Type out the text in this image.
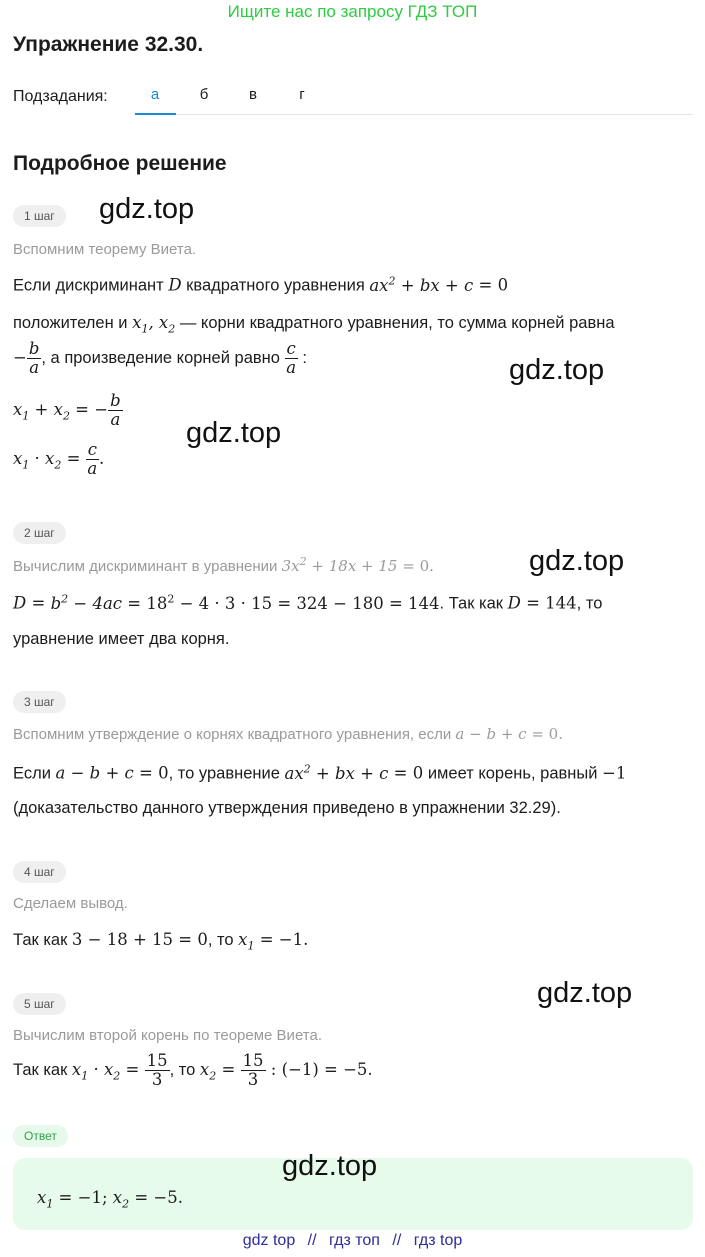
Ищите нас по запросу ГДЗ ТОП
Упражнение 32.30.
Подзадания:	а	б	в	г
Подробное решение
1 шаг	gdz.top
Вспомним теорему Виета.
Если дискриминант D квадратного уравнения $ax^2$ + bx + c = 0
положителен и $x_1$, $x_2$ — корни квадратного уравнения, то сумма корней равна
− $\frac{b}{a}$ , а произведение корней равно $\frac{c}{a}$ :	gdz.top
$x_1 + x_2$ = − $\frac{b}{a}$
gdz.top
$x_1 \cdot x_2 = \frac{c}{a}$ .
2 шаг
Вычислим дискриминант в уравнении $3x^2 + 18x + 15 = 0$.	gdz.top
$D = b^2 - 4ac = 18^2 - 4 \cdot 3 \cdot 15 = 324 - 180 = 144$. Так как D = 144, то
уравнение имеет два корня.
3 шаг
Вспомним утверждение о корнях квадратного уравнения, если a − b + c = 0.
Если a − b + c = 0, то уравнение $ax^2$ + bx + c = 0 имеет корень, равный −1
(доказательство данного утверждения приведено в упражнении 32.29).
4 шаг
Сделаем вывод.
Так как 3 − 18 + 15 = 0, то $x_1 = -1$.
5 шаг	gdz.top
Вычислим второй корень по теореме Виета.
Так как $x_1 \cdot x_2 = \frac{15}{3}$ , то $x_2 = \frac{15}{3}$ : (−1) = −5.
Ответ
gdz.top
$x_1 = -1$; $x_2 = -5$.
gdz top // гдз топ // гдз top
